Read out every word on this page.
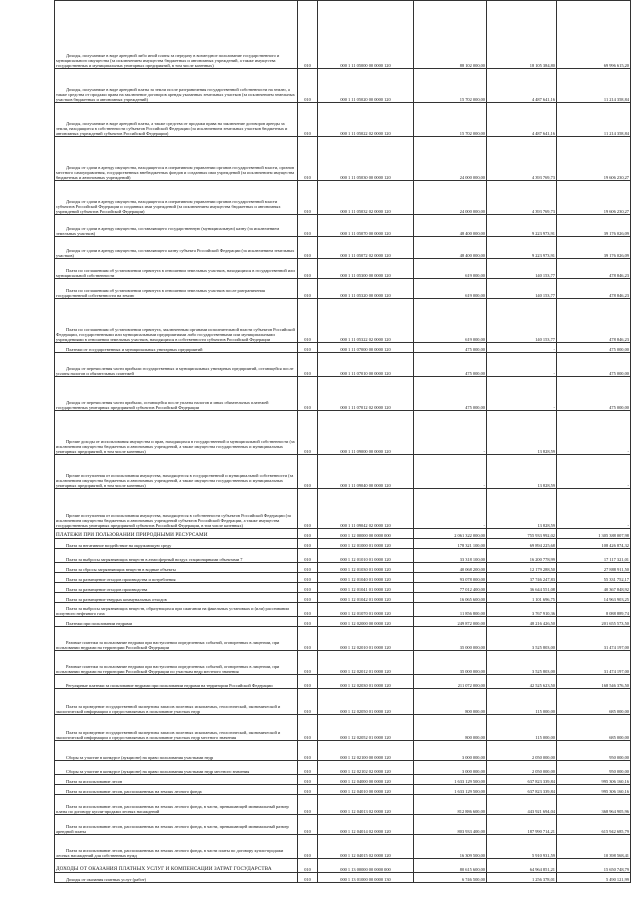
Доходы, получаемые в виде арендной либо иной платы за передачу в возмездное пользование государственного и муниципального имущества (за исключением имущества бюджетных и автономных учреждений, а также имущества государственных и муниципальных унитарных предприятий, в том числе казенных)	010	000 1 11 05000 00 0000 120	88 102 000,00	18 105 384,80	69 996 615,20
Доходы, получаемые в виде арендной платы за земли после разграничения государственной собственности на землю, а также средства от продажи права на заключение договоров аренды указанных земельных участков (за исключением земельных участков бюджетных и автономных учреждений)	010	000 1 11 05020 00 0000 120	15 702 000,00	4 487 641,16	11 214 358,84
Доходы, получаемые в виде арендной платы, а также средства от продажи права на заключение договоров аренды за земли, находящиеся в собственности субъектов Российской Федерации (за исключением земельных участков бюджетных и автономных учреждений субъектов Российской Федерации)	010	000 1 11 05022 02 0000 120	15 702 000,00	4 487 641,16	11 214 358,84
Доходы от сдачи в аренду имущества, находящегося в оперативном управлении органов государственной власти, органов местного самоуправления, государственных внебюджетных фондов и созданных ими учреждений (за исключением имущества бюджетных и автономных учреждений)	010	000 1 11 05030 00 0000 120	24 000 000,00	4 393 769,73	19 606 230,27
Доходы от сдачи в аренду имущества, находящегося в оперативном управлении органов государственной власти субъектов Российской Федерации и созданных ими учреждений (за исключением имущества бюджетных и автономных учреждений субъектов Российской Федерации)	010	000 1 11 05032 02 0000 120	24 000 000,00	4 393 769,73	19 606 230,27
Доходы от сдачи в аренду имущества, составляющего государственную (муниципальную) казну (за исключением земельных участков)	010	000 1 11 05070 00 0000 120	48 400 000,00	9 223 973,91	39 176 026,09
Доходы от сдачи в аренду имущества, составляющего казну субъекта Российской Федерации (за исключением земельных участков)	010	000 1 11 05072 02 0000 120	48 400 000,00	9 223 973,91	39 176 026,09
Плата по соглашениям об установлении сервитута в отношении земельных участков, находящихся в государственной или муниципальной собственности	010	000 1 11 05300 00 0000 120	619 000,00	140 153,77	478 846,23
Плата по соглашениям об установлении сервитута в отношении земельных участков после разграничения государственной собственности на землю	010	000 1 11 05320 00 0000 120	619 000,00	140 153,77	478 846,23
Плата по соглашениям об установлении сервитута, заключенным органами исполнительной власти субъектов Российской Федерации, государственными или муниципальными предприятиями либо государственными или муниципальными учреждениями в отношении земельных участков, находящихся в собственности субъектов Российской Федерации	010	000 1 11 05322 02 0000 120	619 000,00	140 153,77	478 846,23
Платежи от государственных и муниципальных унитарных предприятий	010	000 1 11 07000 00 0000 120	475 000,00	-	475 000,00
Доходы от перечисления части прибыли государственных и муниципальных унитарных предприятий, остающейся после уплаты налогов и обязательных платежей	010	000 1 11 07010 00 0000 120	475 000,00	-	475 000,00
Доходы от перечисления части прибыли, остающейся после уплаты налогов и иных обязательных платежей государственных унитарных предприятий субъектов Российской Федерации	010	000 1 11 07012 02 0000 120	475 000,00	-	475 000,00
Прочие доходы от использования имущества и прав, находящихся в государственной и муниципальной собственности (за исключением имущества бюджетных и автономных учреждений, а также имущества государственных и муниципальных унитарных предприятий, в том числе казенных)	010	000 1 11 09000 00 0000 120	-	13 828,59	-
Прочие поступления от использования имущества, находящегося в государственной и муниципальной собственности (за исключением имущества бюджетных и автономных учреждений, а также имущества государственных и муниципальных унитарных предприятий, в том числе казенных)	010	000 1 11 09040 00 0000 120	-	13 828,59	-
Прочие поступления от использования имущества, находящегося в собственности субъектов Российской Федерации (за исключением имущества бюджетных и автономных учреждений субъектов Российской Федерации, а также имущества государственных унитарных предприятий субъектов Российской Федерации, в том числе казенных)	010	000 1 11 09042 02 0000 120	-	13 828,59	-
ПЛАТЕЖИ ПРИ ПОЛЬЗОВАНИИ ПРИРОДНЫМИ РЕСУРСАМИ	010	000 1 12 00000 00 0000 000	2 061 322 000,00	755 933 992,02	1 305 388 007,98
Плата за негативное воздействие на окружающую среду	010	000 1 12 01000 01 0000 120	178 321 100,00	69 894 225,68	108 426 874,32
Плата за выбросы загрязняющих веществ в атмосферный воздух стационарными объектами 7	010	000 1 12 01010 01 0000 120	33 318 100,00	16 200 778,99	17 117 321,01
Плата за сбросы загрязняющих веществ в водные объекты	010	000 1 12 01030 01 0000 120	40 068 200,00	12 179 288,50	27 888 911,50
Плата за размещение отходов производства и потребления	010	000 1 12 01040 01 0000 120	93 078 000,00	37 746 247,83	55 331 752,17
Плата за размещение отходов производства	010	000 1 12 01041 01 0000 120	77 012 400,00	36 644 551,08	40 367 848,92
Плата за размещение твердых коммунальных отходов	010	000 1 12 01042 01 0000 120	16 065 600,00	1 101 696,75	14 963 903,25
Плата за выбросы загрязняющих веществ, образующихся при сжигании на факельных установках и (или) рассеивании попутного нефтяного газа	010	000 1 12 01070 01 0000 120	11 856 800,00	3 767 910,36	8 088 889,74
Платежи при пользовании недрами	010	000 1 12 02000 00 0000 120	249 872 000,00	48 216 426,50	201 655 573,50
Разовые платежи за пользование недрами при наступлении определенных событий, оговоренных в лицензии, при пользовании недрами на территории Российской Федерации	010	000 1 12 02010 01 0000 120	35 000 000,00	3 525 803,00	31 474 197,00
Разовые платежи за пользование недрами при наступлении определенных событий, оговоренных в лицензии, при пользовании недрами на территории Российской Федерации по участкам недр местного значения	010	000 1 12 02012 01 0000 120	35 000 000,00	3 525 803,00	31 474 197,00
Регулярные платежи за пользование недрами при пользовании недрами на территории Российской Федерации	010	000 1 12 02030 01 0000 120	211 072 000,00	42 525 623,50	168 546 376,50
Плата за проведение государственной экспертизы запасов полезных ископаемых, геологической, экономической и экологической информации о предоставляемых в пользование участках недр	010	000 1 12 02050 01 0000 120	800 000,00	115 000,00	685 000,00
Плата за проведение государственной экспертизы запасов полезных ископаемых, геологической, экономической и экологической информации о предоставляемых в пользование участках недр местного значения	010	000 1 12 02052 01 0000 120	800 000,00	115 000,00	685 000,00
Сборы за участие в конкурсе (аукционе) на право пользования участками недр	010	000 1 12 02100 00 0000 120	3 000 000,00	2 050 000,00	950 000,00
Сборы за участие в конкурсе (аукционе) на право пользования участками недр местного значения	010	000 1 12 02102 02 0000 120	3 000 000,00	2 050 000,00	950 000,00
Плата за использование лесов	010	000 1 12 04000 00 0000 120	1 633 129 500,00	637 823 339,84	995 306 160,16
Плата за использование лесов, расположенных на землях лесного фонда	010	000 1 12 04010 00 0000 120	1 633 129 500,00	637 823 339,84	995 306 160,16
Плата за использование лесов, расположенных на землях лесного фонда, в части, превышающей минимальный размер платы по договору купли-продажи лесных насаждений	010	000 1 12 04013 02 0000 120	812 886 600,00	443 921 694,04	368 964 905,96
Плата за использование лесов, расположенных на землях лесного фонда, в части, превышающей минимальный размер арендной платы	010	000 1 12 04014 02 0000 120	803 933 400,00	187 990 714,21	615 942 685,79
Плата за использование лесов, расположенных на землях лесного фонда, в части платы по договору купли-продажи лесных насаждений для собственных нужд	010	000 1 12 04015 02 0000 120	16 309 500,00	5 910 931,59	10 398 568,41
ДОХОДЫ ОТ ОКАЗАНИЯ ПЛАТНЫХ УСЛУГ И КОМПЕНСАЦИИ ЗАТРАТ ГОСУДАРСТВА	010	000 1 13 00000 00 0000 000	80 615 600,00	64 964 851,21	15 650 748,79
Доходы от оказания платных услуг (работ)	010	000 1 13 01000 00 0000 130	6 746 500,00	1 256 378,01	5 490 121,99
